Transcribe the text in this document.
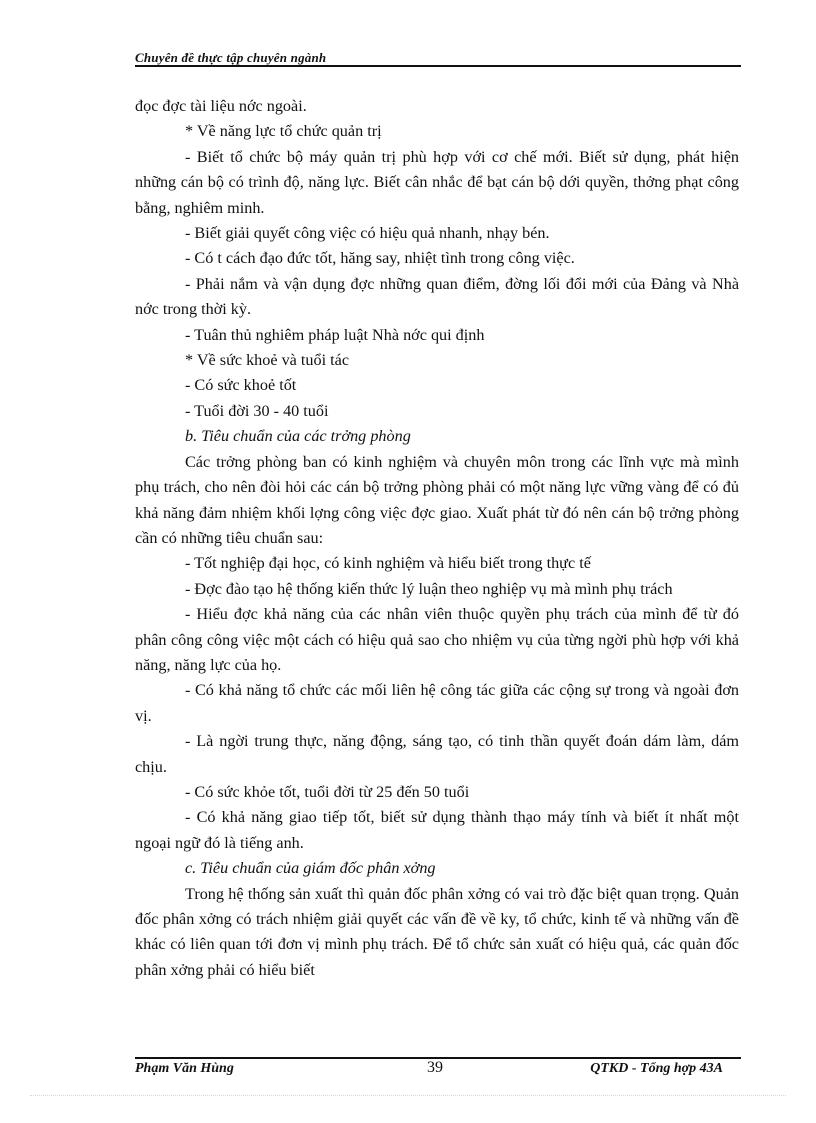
Chuyên đề thực tập chuyên ngành

đọc đợc tài liệu nớc ngoài.

* Về năng lực tổ chức quản trị

- Biết tổ chức bộ máy quản trị phù hợp với cơ chế mới. Biết sử dụng, phát hiện những cán bộ có trình độ, năng lực. Biết cân nhắc để bạt cán bộ dới quyền, thởng phạt công bằng, nghiêm minh.

- Biết giải quyết công việc có hiệu quả nhanh, nhạy bén.

- Có t cách đạo đức tốt, hăng say, nhiệt tình trong công việc.

- Phải nắm và vận dụng đợc những quan điểm, đờng lối đổi mới của Đảng và Nhà nớc trong thời kỳ.

- Tuân thủ nghiêm pháp luật Nhà nớc qui định

* Về sức khoẻ và tuổi tác

- Có sức khoẻ tốt

- Tuổi đời 30 - 40 tuổi

b. Tiêu chuẩn của các trởng phòng

Các trởng phòng ban có kinh nghiệm và chuyên môn trong các lĩnh vực mà mình phụ trách, cho nên đòi hỏi các cán bộ trởng phòng phải có một năng lực vững vàng để có đủ khả năng đảm nhiệm khối lợng công việc đợc giao. Xuất phát từ đó nên cán bộ trởng phòng cần có những tiêu chuẩn sau:

- Tốt nghiệp đại học, có kinh nghiệm và hiểu biết trong thực tế

- Đợc đào tạo hệ thống kiến thức lý luận theo nghiệp vụ mà mình phụ trách

- Hiểu đợc khả năng của các nhân viên thuộc quyền phụ trách của mình để từ đó phân công công việc một cách có hiệu quả sao cho nhiệm vụ của từng ngời phù hợp với khả năng, năng lực của họ.

- Có khả năng tổ chức các mối liên hệ công tác giữa các cộng sự trong và ngoài đơn vị.

- Là ngời trung thực, năng động, sáng tạo, có tinh thần quyết đoán dám làm, dám chịu.

- Có sức khỏe tốt, tuổi đời từ 25 đến 50 tuổi

- Có khả năng giao tiếp tốt, biết sử dụng thành thạo máy tính và biết ít nhất một ngoại ngữ đó là tiếng anh.

c. Tiêu chuẩn của giám đốc phân xởng

Trong hệ thống sản xuất thì quản đốc phân xởng có vai trò đặc biệt quan trọng. Quản đốc phân xởng có trách nhiệm giải quyết các vấn đề về ky, tổ chức, kinh tế và những vấn đề khác có liên quan tới đơn vị mình phụ trách. Để tổ chức sản xuất có hiệu quả, các quản đốc phân xởng phải có hiểu biết

Phạm Văn Hùng	39	QTKD - Tổng hợp 43A
